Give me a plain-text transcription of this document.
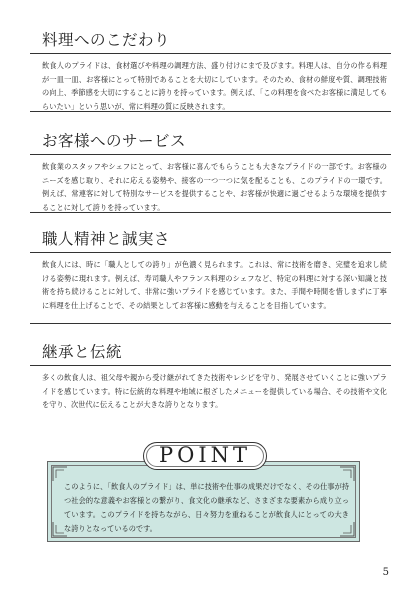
料理へのこだわり
飲食人のプライドは、食材選びや料理の調理方法、盛り付けにまで及びます。料理人は、自分の作る料理が一皿一皿、お客様にとって特別であることを大切にしています。そのため、食材の鮮度や質、調理技術の向上、季節感を大切にすることに誇りを持っています。例えば、「この料理を食べたお客様に満足してもらいたい」という思いが、常に料理の質に反映されます。
お客様へのサービス
飲食業のスタッフやシェフにとって、お客様に喜んでもらうことも大きなプライドの一部です。お客様のニーズを感じ取り、それに応える姿勢や、接客の一つ一つに気を配ることも、このプライドの一環です。例えば、常連客に対して特別なサービスを提供することや、お客様が快適に過ごせるような環境を提供することに対して誇りを持っています。
職人精神と誠実さ
飲食人には、時に「職人としての誇り」が色濃く見られます。これは、常に技術を磨き、完璧を追求し続ける姿勢に現れます。例えば、寿司職人やフランス料理のシェフなど、特定の料理に対する深い知識と技術を持ち続けることに対して、非常に強いプライドを感じています。また、手間や時間を惜しまずに丁寧に料理を仕上げることで、その結果としてお客様に感動を与えることを目指しています。
継承と伝統
多くの飲食人は、祖父母や親から受け継がれてきた技術やレシピを守り、発展させていくことに強いプライドを感じています。特に伝統的な料理や地域に根ざしたメニューを提供している場合、その技術や文化を守り、次世代に伝えることが大きな誇りとなります。
このように、「飲食人のプライド」は、単に技術や仕事の成果だけでなく、その仕事が持つ社会的な意義やお客様との繋がり、食文化の継承など、さまざまな要素から成り立っています。このプライドを持ちながら、日々努力を重ねることが飲食人にとっての大きな誇りとなっているのです。
POINT
5
